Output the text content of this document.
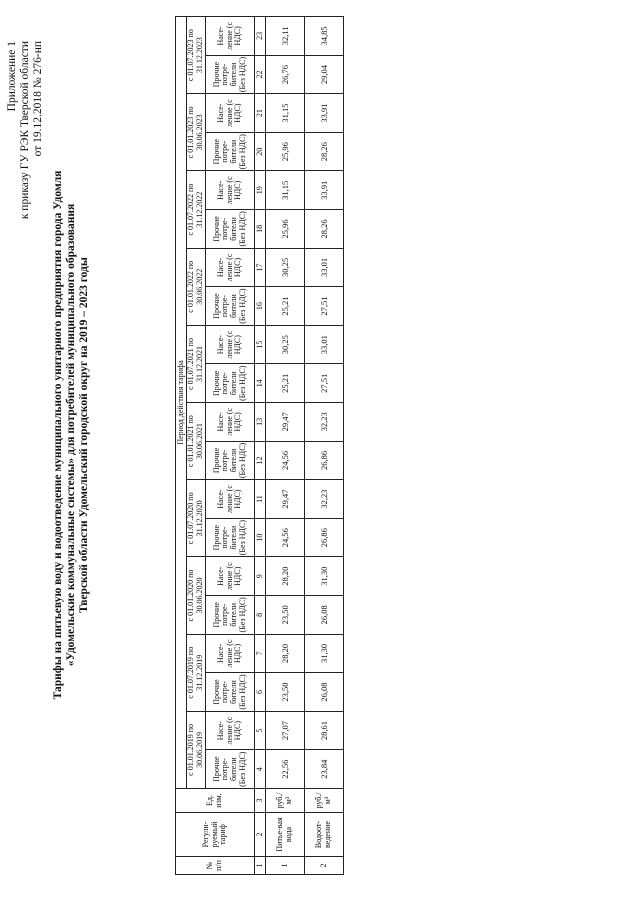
Приложение 1 к приказу ГУ РЭК Тверской области от 19.12.2018 № 276-нп
Тарифы на питьевую воду и водоотведение муниципального унитарного предприятия города Удомля «Удомельские коммунальные системы» для потребителей муниципального образования Тверской области Удомельский городской округ на 2019 – 2023 годы
№ п/п	Регули-руемый тариф	Ед. изм.	Период действия тарифа																			
			с 01.01.2019 по 30.06.2019		с 01.07.2019 по 31.12.2019		с 01.01.2020 по 30.06.2020		с 01.07.2020 по 31.12.2020		с 01.01.2021 по 30.06.2021		с 01.07.2021 по 31.12.2021		с 01.01.2022 по 30.06.2022		с 01.07.2022 по 31.12.2022		с 01.01.2023 по 30.06.2023		с 01.07.2023 по 31.12.2023	
			Прочие потре-бители (Без НДС)	Насе-ление (с НДС)	Прочие потре-бители (Без НДС)	Насе-ление (с НДС)	Прочие потре-бители (Без НДС)	Насе-ление (с НДС)	Прочие потре-бители (Без НДС)	Насе-ление (с НДС)	Прочие потре-бители (Без НДС)	Насе-ление (с НДС)	Прочие потре-бители (Без НДС)	Насе-ление (с НДС)	Прочие потре-бители (Без НДС)	Насе-ление (с НДС)	Прочие потре-бители (Без НДС)	Насе-ление (с НДС)	Прочие потре-бители (Без НДС)	Насе-ление (с НДС)	Прочие потре-бители (Без НДС)	Насе-ление (с НДС)
1	2	3	4	5	6	7	8	9	10	11	12	13	14	15	16	17	18	19	20	21	22	23
1	Питье-вая вода	руб./м³	22,56	27,07	23,50	28,20	23,50	28,20	24,56	29,47	24,56	29,47	25,21	30,25	25,21	30,25	25,96	31,15	25,96	31,15	26,76	32,11
2	Водоот-ведение	руб./м³	23,84	28,61	26,08	31,30	26,08	31,30	26,86	32,23	26,86	32,23	27,51	33,01	27,51	33,01	28,26	33,91	28,26	33,91	29,04	34,85
